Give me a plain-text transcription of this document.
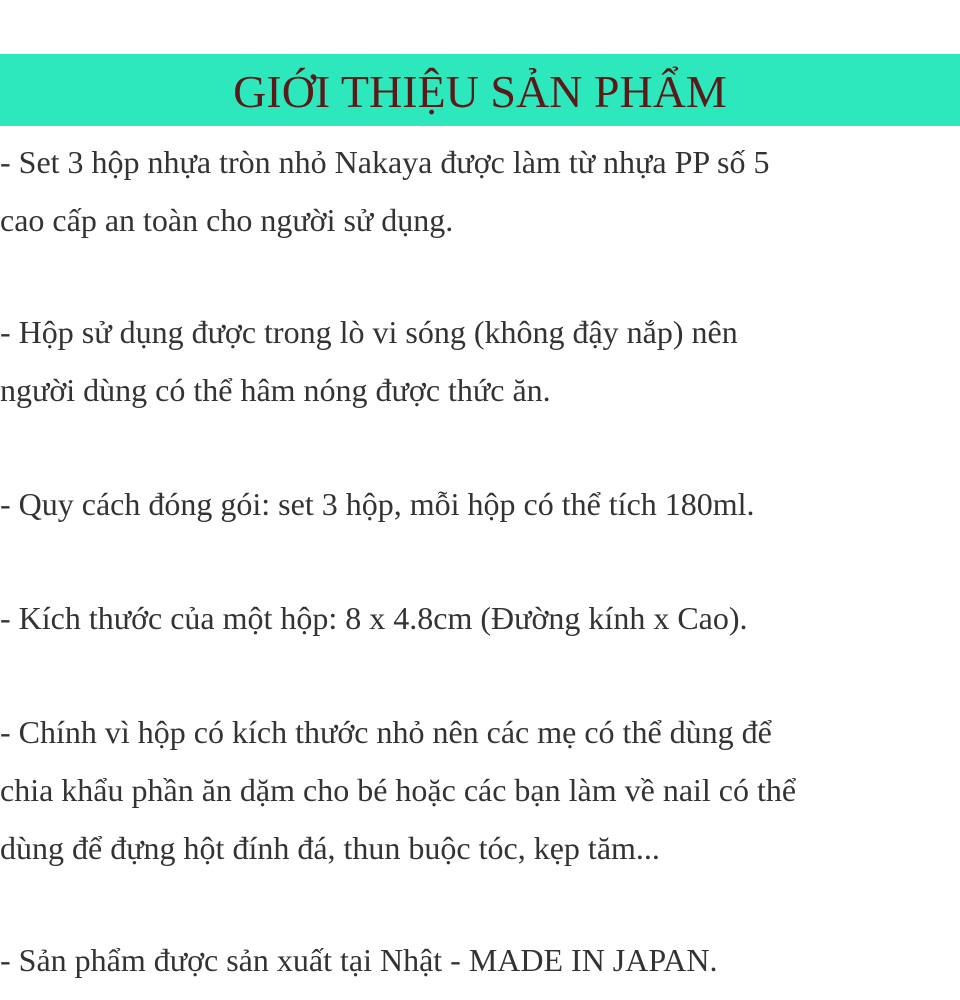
GIỚI THIỆU SẢN PHẨM
- Set 3 hộp nhựa tròn nhỏ Nakaya được làm từ nhựa PP số 5
cao cấp an toàn cho người sử dụng.
- Hộp sử dụng được trong lò vi sóng (không đậy nắp) nên
người dùng có thể hâm nóng được thức ăn.
- Quy cách đóng gói: set 3 hộp, mỗi hộp có thể tích 180ml.
- Kích thước của một hộp: 8 x 4.8cm (Đường kính x Cao).
- Chính vì hộp có kích thước nhỏ nên các mẹ có thể dùng để
chia khẩu phần ăn dặm cho bé hoặc các bạn làm về nail có thể
dùng để đựng hột đính đá, thun buộc tóc, kẹp tăm...
- Sản phẩm được sản xuất tại Nhật - MADE IN JAPAN.
